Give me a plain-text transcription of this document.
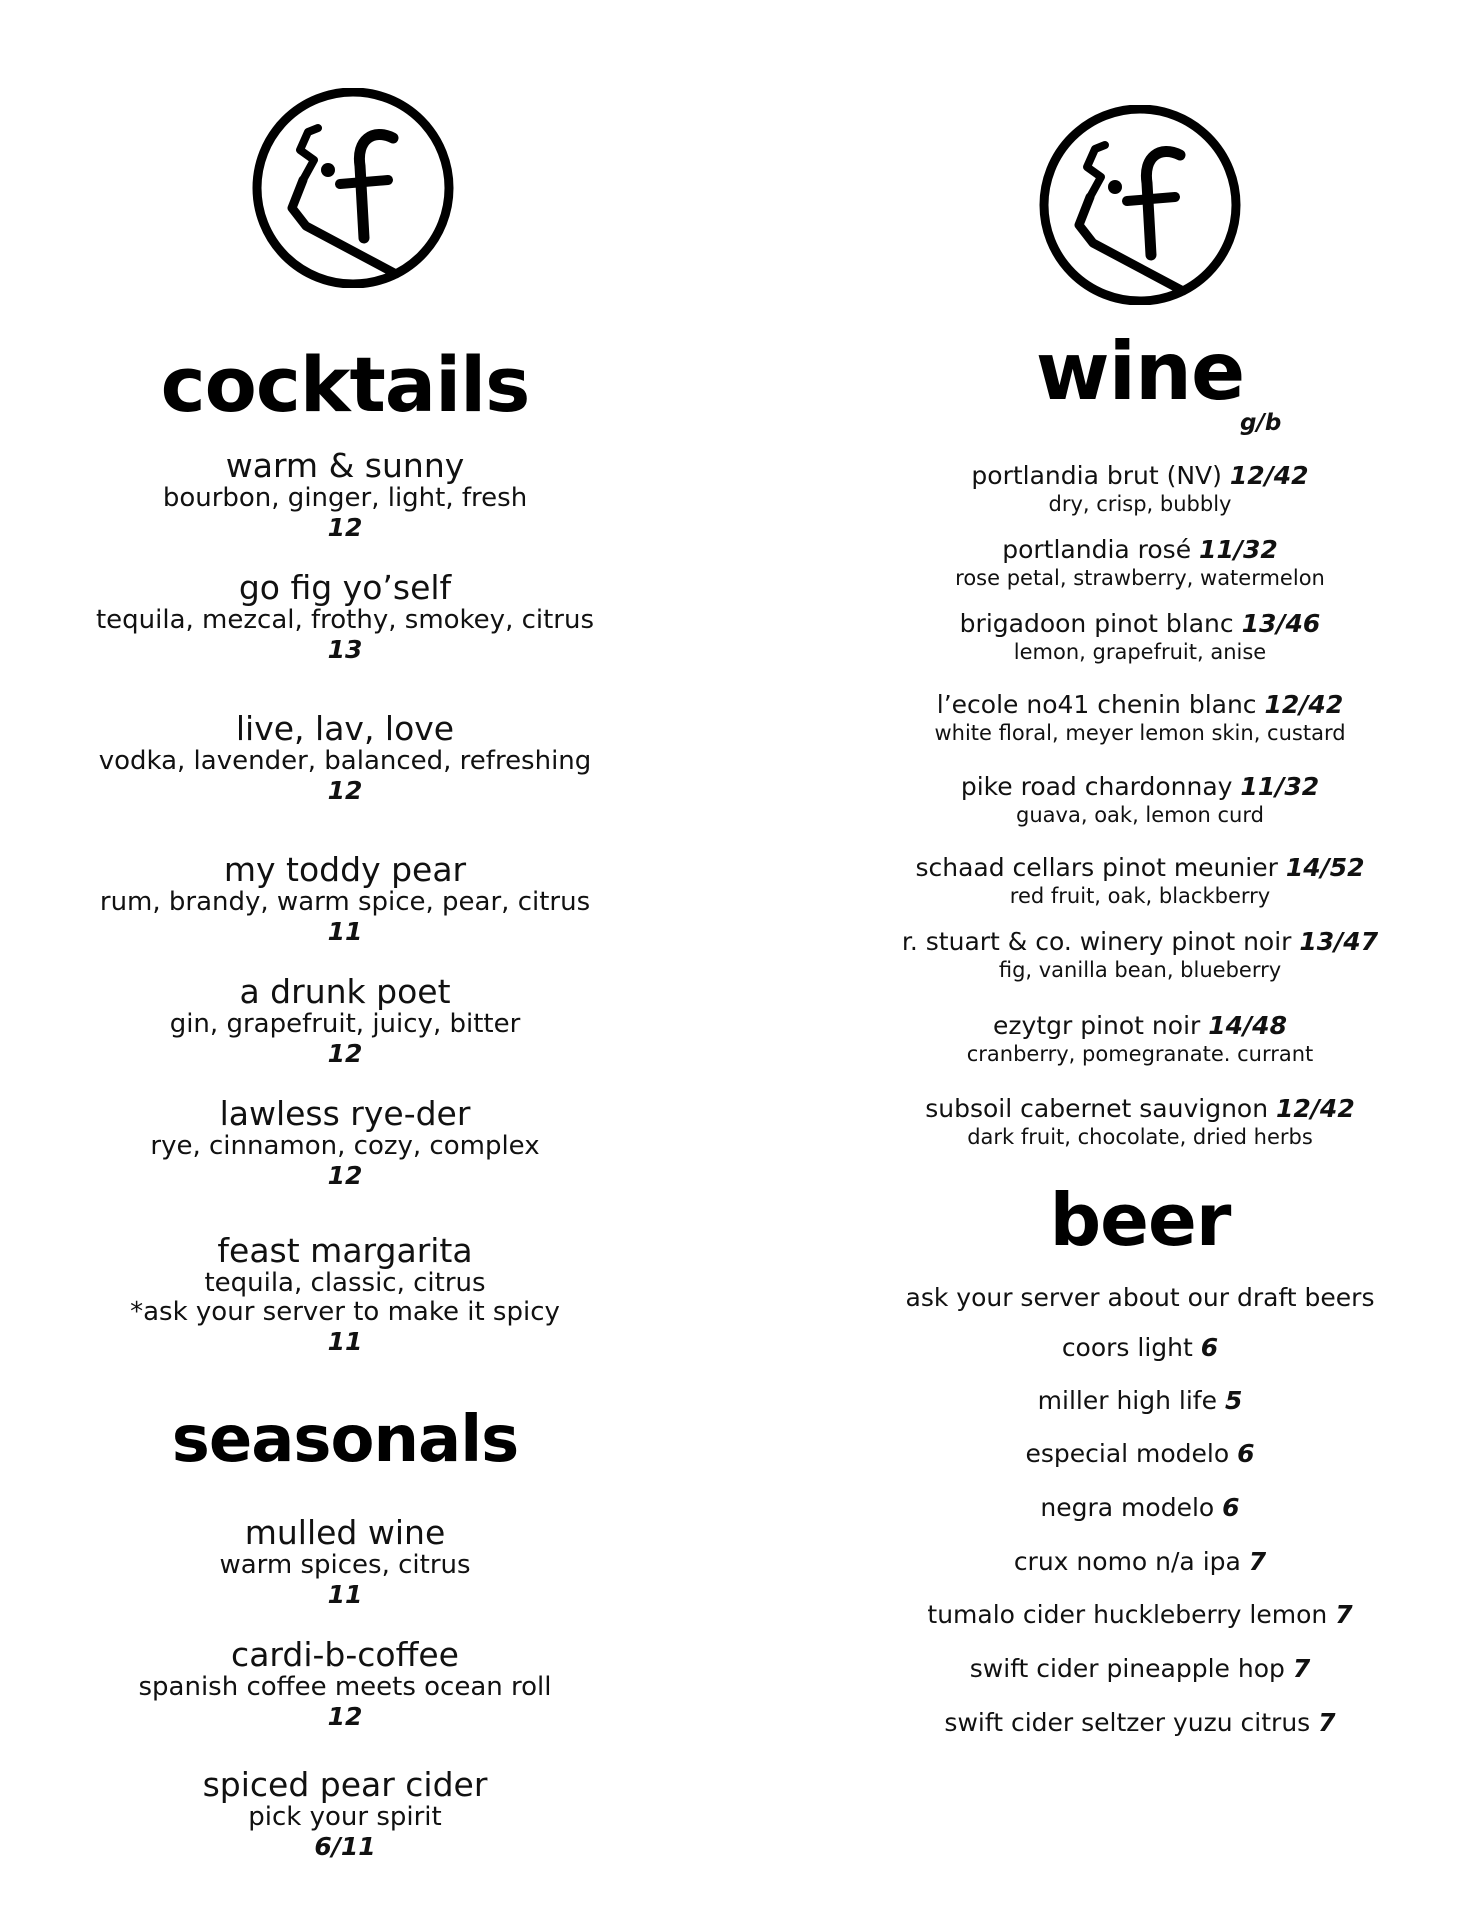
cocktails
warm & sunny
bourbon, ginger, light, fresh
12
go fig yo’self
tequila, mezcal, frothy, smokey, citrus
13
live, lav, love
vodka, lavender, balanced, refreshing
12
my toddy pear
rum, brandy, warm spice, pear, citrus
11
a drunk poet
gin, grapefruit, juicy, bitter
12
lawless rye-der
rye, cinnamon, cozy, complex
12
feast margarita
tequila, classic, citrus
*ask your server to make it spicy
11
seasonals
mulled wine
warm spices, citrus
11
cardi-b-coffee
spanish coffee meets ocean roll
12
spiced pear cider
pick your spirit
6/11
wine
g/b
portlandia brut (NV) 12/42
dry, crisp, bubbly
portlandia rosé 11/32
rose petal, strawberry, watermelon
brigadoon pinot blanc 13/46
lemon, grapefruit, anise
l’ecole no41 chenin blanc 12/42
white floral, meyer lemon skin, custard
pike road chardonnay 11/32
guava, oak, lemon curd
schaad cellars pinot meunier 14/52
red fruit, oak, blackberry
r. stuart & co. winery pinot noir 13/47
fig, vanilla bean, blueberry
ezytgr pinot noir 14/48
cranberry, pomegranate. currant
subsoil cabernet sauvignon 12/42
dark fruit, chocolate, dried herbs
beer
ask your server about our draft beers
coors light 6
miller high life 5
especial modelo 6
negra modelo 6
crux nomo n/a ipa 7
tumalo cider huckleberry lemon 7
swift cider pineapple hop 7
swift cider seltzer yuzu citrus 7
